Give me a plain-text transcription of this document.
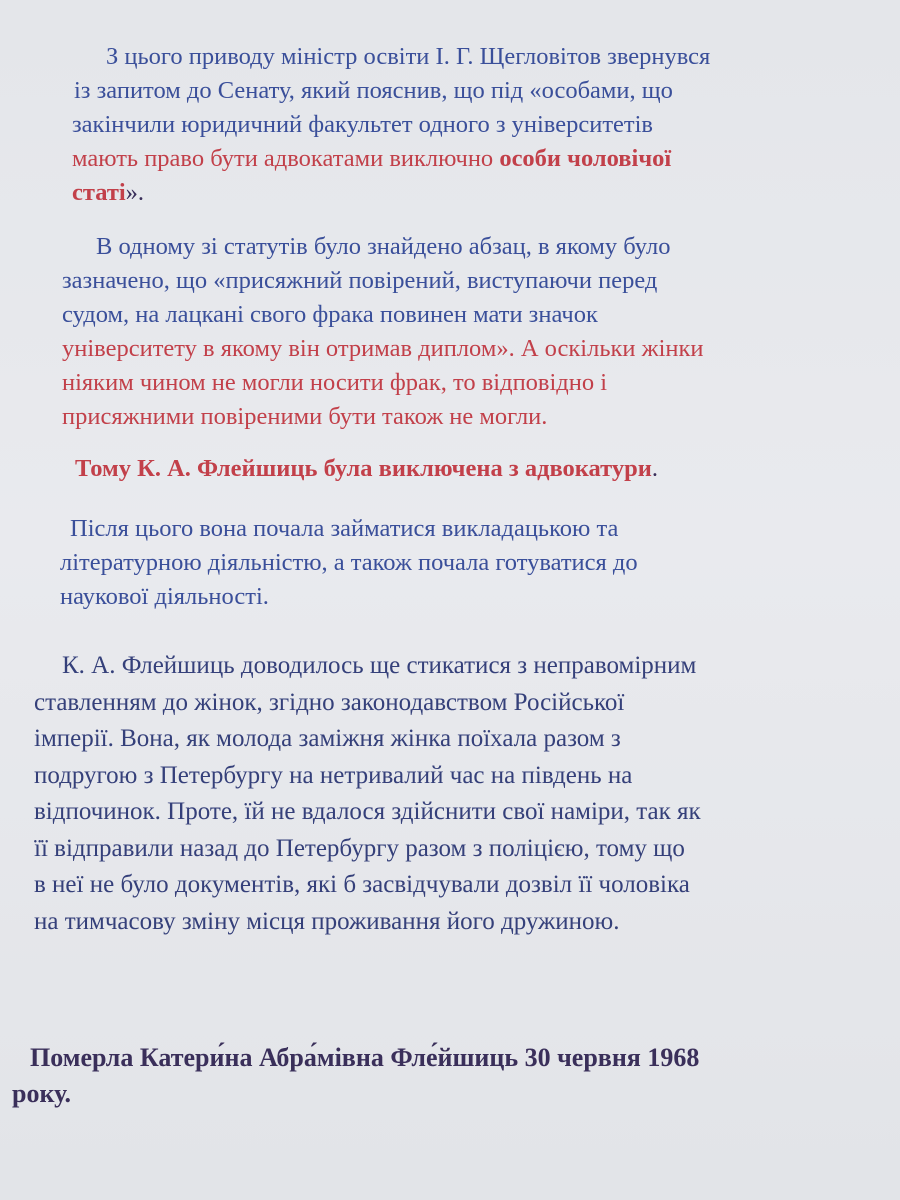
З цього приводу міністр освіти І. Г. Щегловітов звернувся
із запитом до Сенату, який пояснив, що під «особами, що
закінчили юридичний факультет одного з університетів
мають право бути адвокатами виключно особи чоловічої
статі».
В одному зі статутів було знайдено абзац, в якому було
зазначено, що «присяжний повірений, виступаючи перед
судом, на лацкані свого фрака повинен мати значок
університету в якому він отримав диплом». А оскільки жінки
ніяким чином не могли носити фрак, то відповідно і
присяжними повіреними бути також не могли.
Тому К. А. Флейшиць була виключена з адвокатури.
Після цього вона почала займатися викладацькою та
літературною діяльністю, а також почала готуватися до
наукової діяльності.
К. А. Флейшиць доводилось ще стикатися з неправомірним
ставленням до жінок, згідно законодавством Російської
імперії. Вона, як молода заміжня жінка поїхала разом з
подругою з Петербургу на нетривалий час на південь на
відпочинок. Проте, їй не вдалося здійснити свої наміри, так як
її відправили назад до Петербургу разом з поліцією, тому що
в неї не було документів, які б засвідчували дозвіл її чоловіка
на тимчасову зміну місця проживання його дружиною.
Померла Катери́на Абра́мівна Фле́йшиць 30 червня 1968
року.
